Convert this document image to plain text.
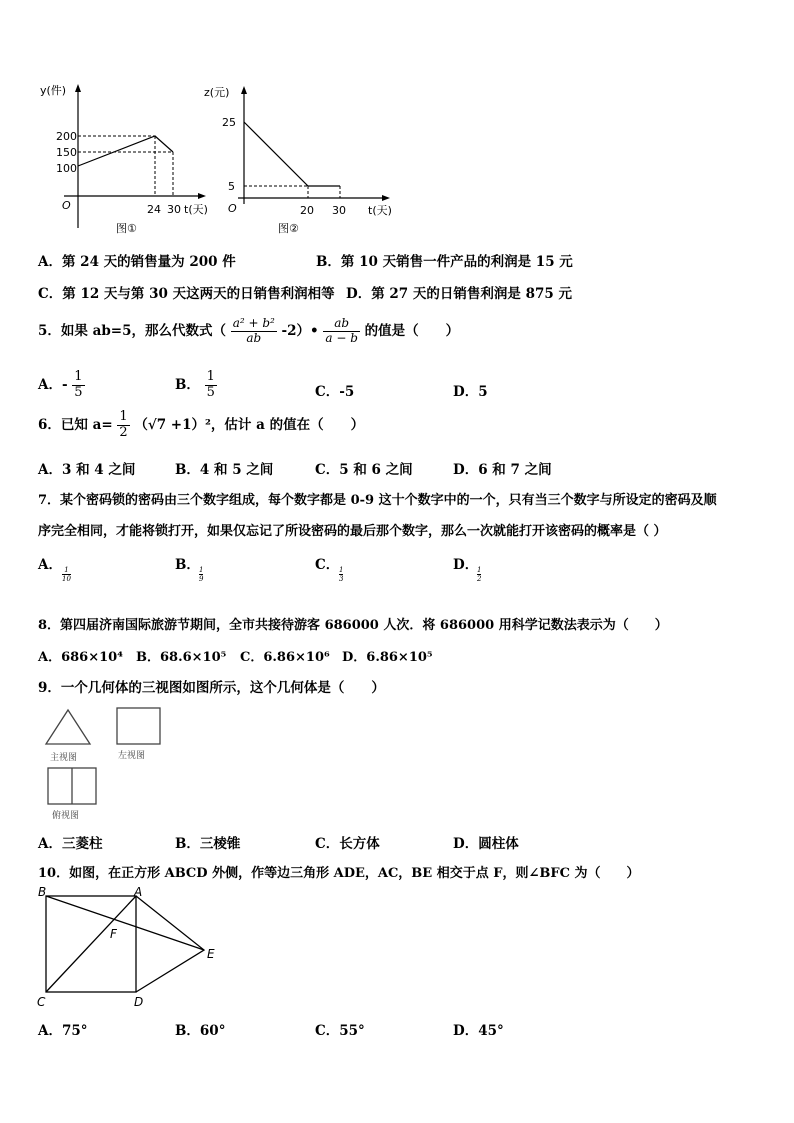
y(件)
200
150
100
O	24 30 t(天)
图①
z(元)
25
5
O	20 30 t(天)
图②
A．第 24 天的销售量为 200 件	B．第 10 天销售一件产品的利润是 15 元
C．第 12 天与第 30 天这两天的日销售利润相等 D．第 27 天的日销售利润是 875 元
5．如果 ab=5，那么代数式（ $\frac{\text{a² + b²}}{ab}$ -2）• $\frac{ab}{a - b}$ 的值是（　　）
A．- $\frac{1}{5}$	B． $\frac{1}{5}$	C．-5	D．5
6．已知 $a= \frac{1}{2} (√7 +1)^2$，估计 a 的值在（　　）
A．3 和 4 之间	B．4 和 5 之间	C．5 和 6 之间	D．6 和 7 之间
7．某个密码锁的密码由三个数字组成，每个数字都是 0-9 这十个数字中的一个，只有当三个数字与所设定的密码及顺
序完全相同，才能将锁打开，如果仅忘记了所设密码的最后那个数字，那么一次就能打开该密码的概率是（ ）
A．
$\frac{1}{10}$
B．
$\frac{1}{9}$
C．
$\frac{1}{3}$
D．
$\frac{1}{2}$
8．第四届济南国际旅游节期间，全市共接待游客 686000 人次．将 686000 用科学记数法表示为（　　）
A．686×10⁴ B．68.6×10⁵ C．6.86×10⁶ D．6.86×10⁵
9．一个几何体的三视图如图所示，这个几何体是（　　）
主视图	左视图
俯视图
A．三菱柱	B．三棱锥	C．长方体	D．圆柱体
10．如图，在正方形 ABCD 外侧，作等边三角形 ADE，AC，BE 相交于点 F，则∠BFC 为（　　）
B	A
F
E
C	D
A．75°	B．60°	C．55°	D．45°
